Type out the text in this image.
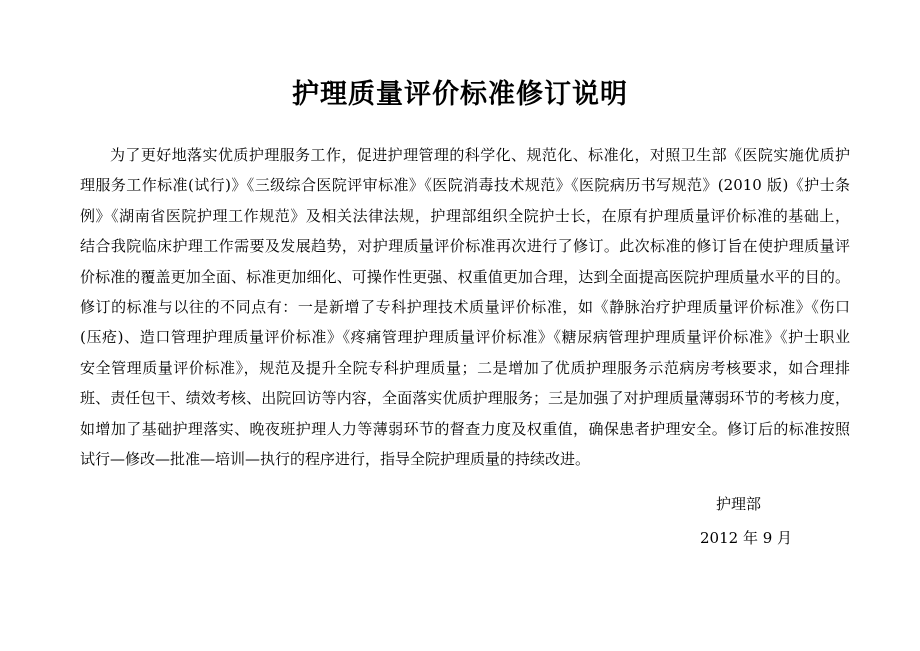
护理质量评价标准修订说明
为了更好地落实优质护理服务工作，促进护理管理的科学化、规范化、标准化，对照卫生部《医院实施优质护
理服务工作标准(试行)》《三级综合医院评审标准》《医院消毒技术规范》《医院病历书写规范》(2010 版)《护士条
例》《湖南省医院护理工作规范》及相关法律法规，护理部组织全院护士长，在原有护理质量评价标准的基础上，
结合我院临床护理工作需要及发展趋势，对护理质量评价标准再次进行了修订。此次标准的修订旨在使护理质量评
价标准的覆盖更加全面、标准更加细化、可操作性更强、权重值更加合理，达到全面提高医院护理质量水平的目的。
修订的标准与以往的不同点有：一是新增了专科护理技术质量评价标准，如《静脉治疗护理质量评价标准》《伤口
(压疮)、造口管理护理质量评价标准》《疼痛管理护理质量评价标准》《糖尿病管理护理质量评价标准》《护士职业
安全管理质量评价标准》，规范及提升全院专科护理质量；二是增加了优质护理服务示范病房考核要求，如合理排
班、责任包干、绩效考核、出院回访等内容，全面落实优质护理服务；三是加强了对护理质量薄弱环节的考核力度，
如增加了基础护理落实、晚夜班护理人力等薄弱环节的督查力度及权重值，确保患者护理安全。修订后的标准按照
试行—修改—批准—培训—执行的程序进行，指导全院护理质量的持续改进。
护理部
2012 年 9 月
